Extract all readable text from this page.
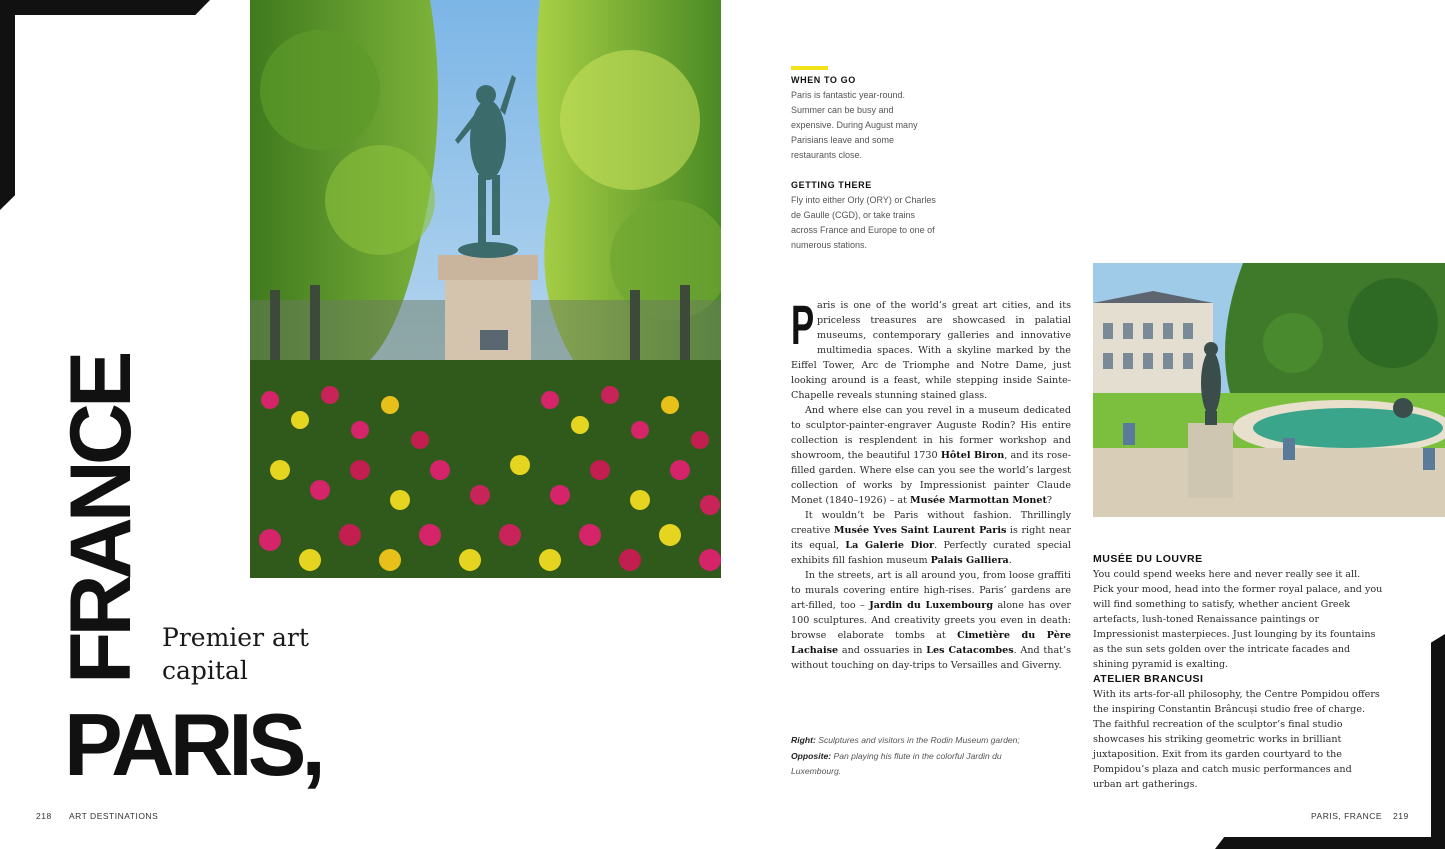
FRANCE Premier art capital
PARIS,
WHEN TO GO
Paris is fantastic year-round. Summer can be busy and expensive. During August many Parisians leave and some restaurants close.
GETTING THERE
Fly into either Orly (ORY) or Charles de Gaulle (CGD), or take trains across France and Europe to one of numerous stations.

Paris is one of the world’s great art cities, and its priceless treasures are showcased in palatial museums, contemporary galleries and innovative multimedia spaces. With a skyline marked by the Eiffel Tower, Arc de Triomphe and Notre Dame, just looking around is a feast, while stepping inside Sainte-Chapelle reveals stunning stained glass.

And where else can you revel in a museum dedicated to sculptor-painter-engraver Auguste Rodin? His entire collection is resplendent in his former workshop and showroom, the beautiful 1730 Hôtel Biron, and its rose-filled garden. Where else can you see the world’s largest collection of works by Impressionist painter Claude Monet (1840–1926) – at Musée Marmottan Monet?

It wouldn’t be Paris without fashion. Thrillingly creative Musée Yves Saint Laurent Paris is right near its equal, La Galerie Dior. Perfectly curated special exhibits fill fashion museum Palais Galliera.

In the streets, art is all around you, from loose graffiti to murals covering entire high-rises. Paris’ gardens are art-filled, too – Jardin du Luxembourg alone has over 100 sculptures. And creativity greets you even in death: browse elaborate tombs at Cimetière du Père Lachaise and ossuaries in Les Catacombes. And that’s without touching on day-trips to Versailles and Giverny.

MUSÉE DU LOUVRE
You could spend weeks here and never really see it all. Pick your mood, head into the former royal palace, and you will find something to satisfy, whether ancient Greek artefacts, lush-toned Renaissance paintings or Impressionist masterpieces. Just lounging by its fountains as the sun sets golden over the intricate facades and shining pyramid is exalting.
ATELIER BRANCUSI
With its arts-for-all philosophy, the Centre Pompidou offers the inspiring Constantin Brâncuși studio free of charge. The faithful recreation of the sculptor’s final studio showcases his striking geometric works in brilliant juxtaposition. Exit from its garden courtyard to the Pompidou’s plaza and catch music performances and urban art gatherings.
Right: Sculptures and visitors in the Rodin Museum garden; Opposite: Pan playing his flute in the colorful Jardin du Luxembourg.
218 ART DESTINATIONS	PARIS, FRANCE 219
